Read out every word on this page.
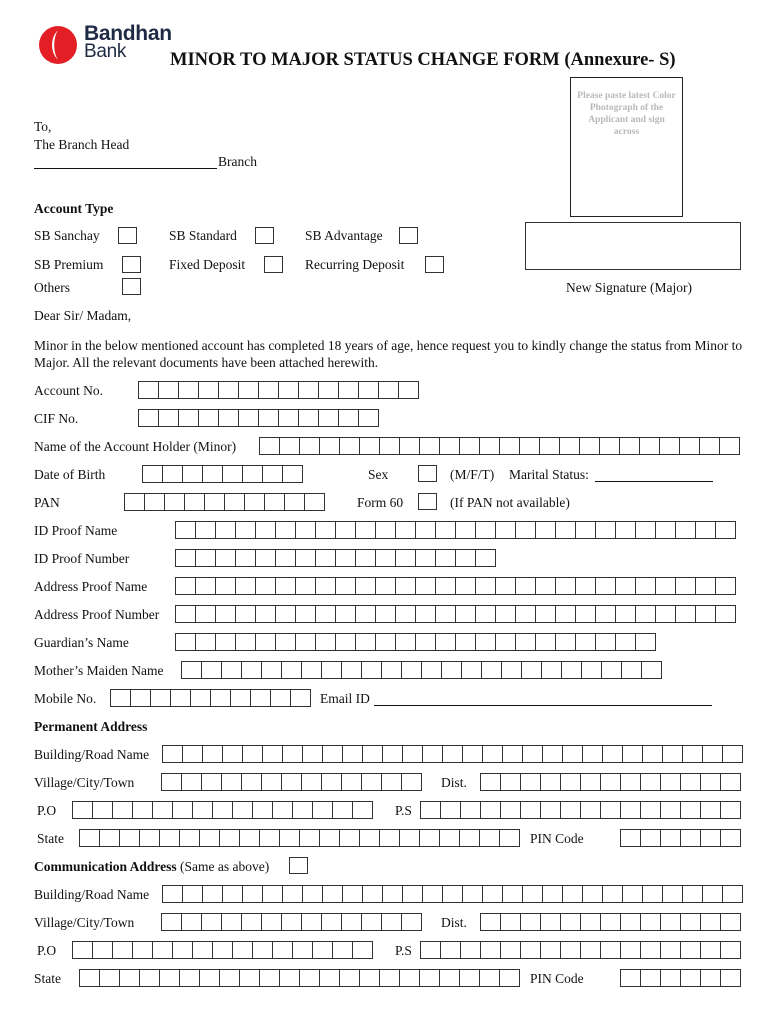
Bandhan
Bank MINOR TO MAJOR STATUS CHANGE FORM (Annexure- S)
Please paste latest Color Photograph of the Applicant and sign across
New Signature (Major)
To,
The Branch Head
Branch
Account Type
SB Sanchay	SB Standard	SB Advantage
SB Premium	Fixed Deposit	Recurring Deposit
Others
Dear Sir/ Madam,
Minor in the below mentioned account has completed 18 years of age, hence request you to kindly change the status from Minor to Major. All the relevant documents have been attached herewith.
Account No.
CIF No.
Name of the Account Holder (Minor)
Date of Birth	Sex	(M/F/T) Marital Status:
PAN	Form 60	(If PAN not available)
ID Proof Name
ID Proof Number
Address Proof Name
Address Proof Number
Guardian’s Name
Mother’s Maiden Name
Mobile No.	Email ID
Permanent Address
Building/Road Name
Village/City/Town	Dist.
P.O	P.S
State	PIN Code
Communication Address (Same as above)
Building/Road Name
Village/City/Town	Dist.
P.O	P.S
State	PIN Code
